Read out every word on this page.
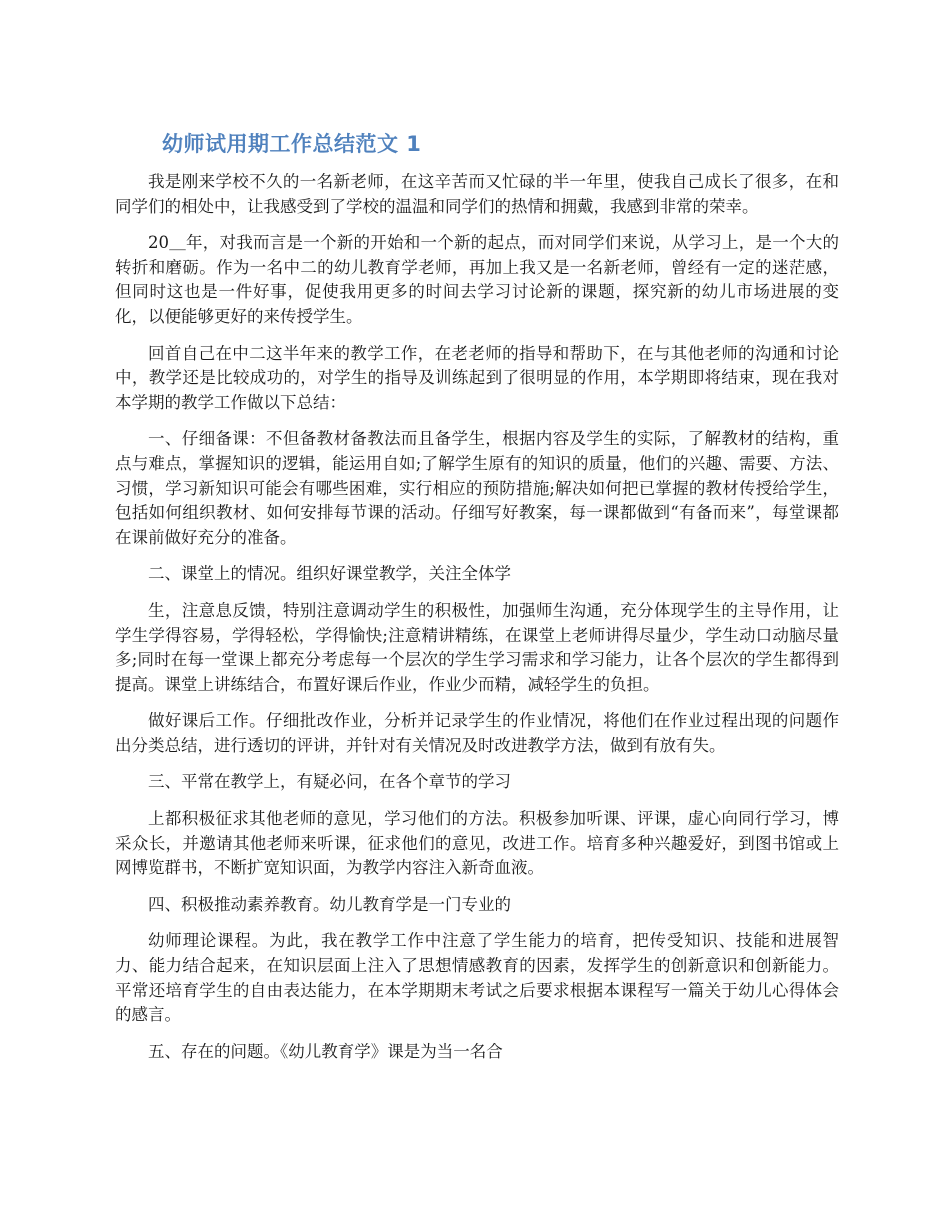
幼师试用期工作总结范文 1

我是刚来学校不久的一名新老师，在这辛苦而又忙碌的半一年里，使我自己成长了很多，在和同学们的相处中，让我感受到了学校的温温和同学们的热情和拥戴，我感到非常的荣幸。

20＿年，对我而言是一个新的开始和一个新的起点，而对同学们来说，从学习上，是一个大的转折和磨砺。作为一名中二的幼儿教育学老师，再加上我又是一名新老师，曾经有一定的迷茫感，但同时这也是一件好事，促使我用更多的时间去学习讨论新的课题，探究新的幼儿市场进展的变化，以便能够更好的来传授学生。

回首自己在中二这半年来的教学工作，在老老师的指导和帮助下，在与其他老师的沟通和讨论中，教学还是比较成功的，对学生的指导及训练起到了很明显的作用，本学期即将结束，现在我对本学期的教学工作做以下总结：

一、仔细备课：不但备教材备教法而且备学生，根据内容及学生的实际，了解教材的结构，重点与难点，掌握知识的逻辑，能运用自如;了解学生原有的知识的质量，他们的兴趣、需要、方法、习惯，学习新知识可能会有哪些困难，实行相应的预防措施;解决如何把已掌握的教材传授给学生，包括如何组织教材、如何安排每节课的活动。仔细写好教案，每一课都做到“有备而来”，每堂课都在课前做好充分的准备。

二、课堂上的情况。组织好课堂教学，关注全体学

生，注意息反馈，特别注意调动学生的积极性，加强师生沟通，充分体现学生的主导作用，让学生学得容易，学得轻松，学得愉快;注意精讲精练，在课堂上老师讲得尽量少，学生动口动脑尽量多;同时在每一堂课上都充分考虑每一个层次的学生学习需求和学习能力，让各个层次的学生都得到提高。课堂上讲练结合，布置好课后作业，作业少而精，减轻学生的负担。

做好课后工作。仔细批改作业，分析并记录学生的作业情况，将他们在作业过程出现的问题作出分类总结，进行透切的评讲，并针对有关情况及时改进教学方法，做到有放有失。

三、平常在教学上，有疑必问，在各个章节的学习

上都积极征求其他老师的意见，学习他们的方法。积极参加听课、评课，虚心向同行学习，博采众长，并邀请其他老师来听课，征求他们的意见，改进工作。培育多种兴趣爱好，到图书馆或上网博览群书，不断扩宽知识面，为教学内容注入新奇血液。

四、积极推动素养教育。幼儿教育学是一门专业的

幼师理论课程。为此，我在教学工作中注意了学生能力的培育，把传受知识、技能和进展智力、能力结合起来，在知识层面上注入了思想情感教育的因素，发挥学生的创新意识和创新能力。平常还培育学生的自由表达能力，在本学期期末考试之后要求根据本课程写一篇关于幼儿心得体会的感言。

五、存在的问题。《幼儿教育学》课是为当一名合
